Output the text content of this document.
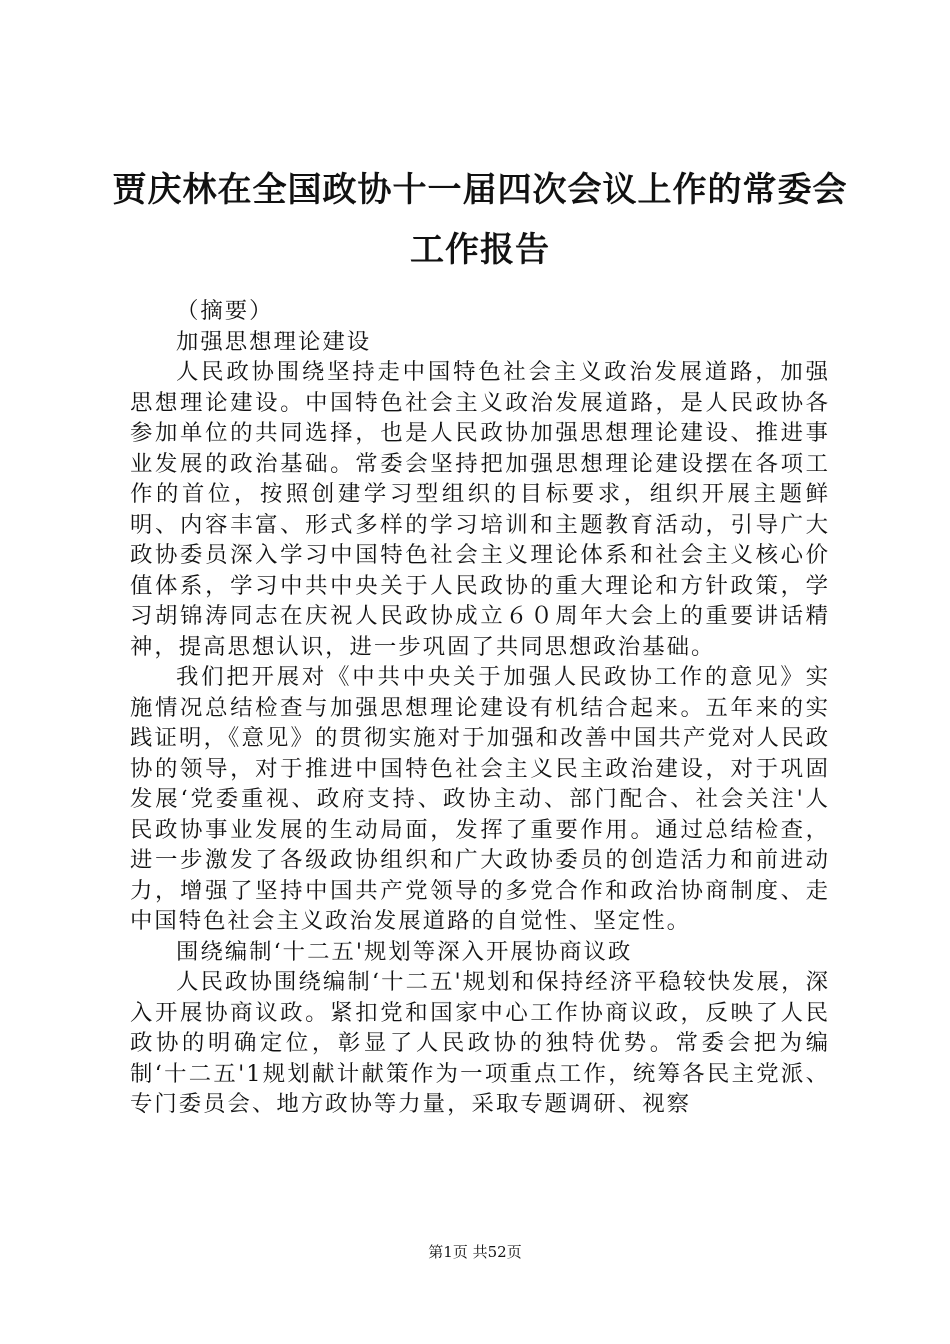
贾庆林在全国政协十一届四次会议上作的常委会工作报告

（摘要）

加强思想理论建设

人民政协围绕坚持走中国特色社会主义政治发展道路，加强思想理论建设。中国特色社会主义政治发展道路，是人民政协各参加单位的共同选择，也是人民政协加强思想理论建设、推进事业发展的政治基础。常委会坚持把加强思想理论建设摆在各项工作的首位，按照创建学习型组织的目标要求，组织开展主题鲜明、内容丰富、形式多样的学习培训和主题教育活动，引导广大政协委员深入学习中国特色社会主义理论体系和社会主义核心价值体系，学习中共中央关于人民政协的重大理论和方针政策，学习胡锦涛同志在庆祝人民政协成立６０周年大会上的重要讲话精神，提高思想认识，进一步巩固了共同思想政治基础。

我们把开展对《中共中央关于加强人民政协工作的意见》实施情况总结检查与加强思想理论建设有机结合起来。五年来的实践证明，《意见》的贯彻实施对于加强和改善中国共产党对人民政协的领导，对于推进中国特色社会主义民主政治建设，对于巩固发展‘党委重视、政府支持、政协主动、部门配合、社会关注'人民政协事业发展的生动局面，发挥了重要作用。通过总结检查，进一步激发了各级政协组织和广大政协委员的创造活力和前进动力，增强了坚持中国共产党领导的多党合作和政治协商制度、走中国特色社会主义政治发展道路的自觉性、坚定性。

围绕编制‘十二五'规划等深入开展协商议政

人民政协围绕编制‘十二五'规划和保持经济平稳较快发展，深入开展协商议政。紧扣党和国家中心工作协商议政，反映了人民政协的明确定位，彰显了人民政协的独特优势。常委会把为编制‘十二五'1规划献计献策作为一项重点工作，统筹各民主党派、专门委员会、地方政协等力量，采取专题调研、视察

第1页 共52页
